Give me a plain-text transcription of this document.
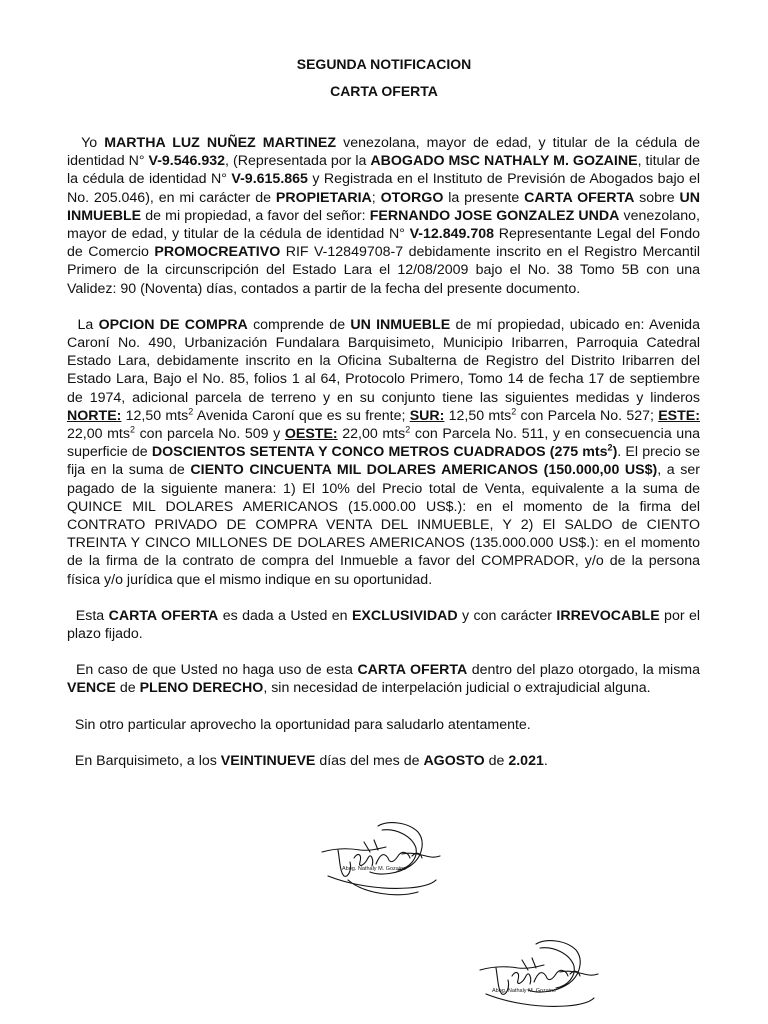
SEGUNDA NOTIFICACION
CARTA OFERTA

Yo MARTHA LUZ NUÑEZ MARTINEZ venezolana, mayor de edad, y titular de la cédula de identidad N° V-9.546.932, (Representada por la ABOGADO MSC NATHALY M. GOZAINE, titular de la cédula de identidad N° V-9.615.865 y Registrada en el Instituto de Previsión de Abogados bajo el No. 205.046), en mi carácter de PROPIETARIA; OTORGO la presente CARTA OFERTA sobre UN INMUEBLE de mi propiedad, a favor del señor: FERNANDO JOSE GONZALEZ UNDA venezolano, mayor de edad, y titular de la cédula de identidad N° V-12.849.708 Representante Legal del Fondo de Comercio PROMOCREATIVO RIF V-12849708-7 debidamente inscrito en el Registro Mercantil Primero de la circunscripción del Estado Lara el 12/08/2009 bajo el No. 38 Tomo 5B con una Validez: 90 (Noventa) días, contados a partir de la fecha del presente documento.

La OPCION DE COMPRA comprende de UN INMUEBLE de mí propiedad, ubicado en: Avenida Caroní No. 490, Urbanización Fundalara Barquisimeto, Municipio Iribarren, Parroquia Catedral Estado Lara, debidamente inscrito en la Oficina Subalterna de Registro del Distrito Iribarren del Estado Lara, Bajo el No. 85, folios 1 al 64, Protocolo Primero, Tomo 14 de fecha 17 de septiembre de 1974, adicional parcela de terreno y en su conjunto tiene las siguientes medidas y linderos NORTE: 12,50 mts$^2$ Avenida Caroní que es su frente; SUR: 12,50 mts$^2$ con Parcela No. 527; ESTE: 22,00 mts$^2$ con parcela No. 509 y OESTE: 22,00 mts$^2$ con Parcela No. 511, y en consecuencia una superficie de DOSCIENTOS SETENTA Y CONCO METROS CUADRADOS (275 mts$^2$). El precio se fija en la suma de CIENTO CINCUENTA MIL DOLARES AMERICANOS (150.000,00 US$), a ser pagado de la siguiente manera: 1) El 10% del Precio total de Venta, equivalente a la suma de QUINCE MIL DOLARES AMERICANOS (15.000.00 US$.): en el momento de la firma del CONTRATO PRIVADO DE COMPRA VENTA DEL INMUEBLE, Y 2) El SALDO de CIENTO TREINTA Y CINCO MILLONES DE DOLARES AMERICANOS (135.000.000 US$.): en el momento de la firma de la contrato de compra del Inmueble a favor del COMPRADOR, y/o de la persona física y/o jurídica que el mismo indique en su oportunidad.

Esta CARTA OFERTA es dada a Usted en EXCLUSIVIDAD y con carácter IRREVOCABLE por el plazo fijado.

En caso de que Usted no haga uso de esta CARTA OFERTA dentro del plazo otorgado, la misma VENCE de PLENO DERECHO, sin necesidad de interpelación judicial o extrajudicial alguna.

Sin otro particular aprovecho la oportunidad para saludarlo atentamente.

En Barquisimeto, a los VEINTINUEVE días del mes de AGOSTO de 2.021.

Abog. Nathaly M. Gozaine
Abog. Nathaly M. Gozaine
